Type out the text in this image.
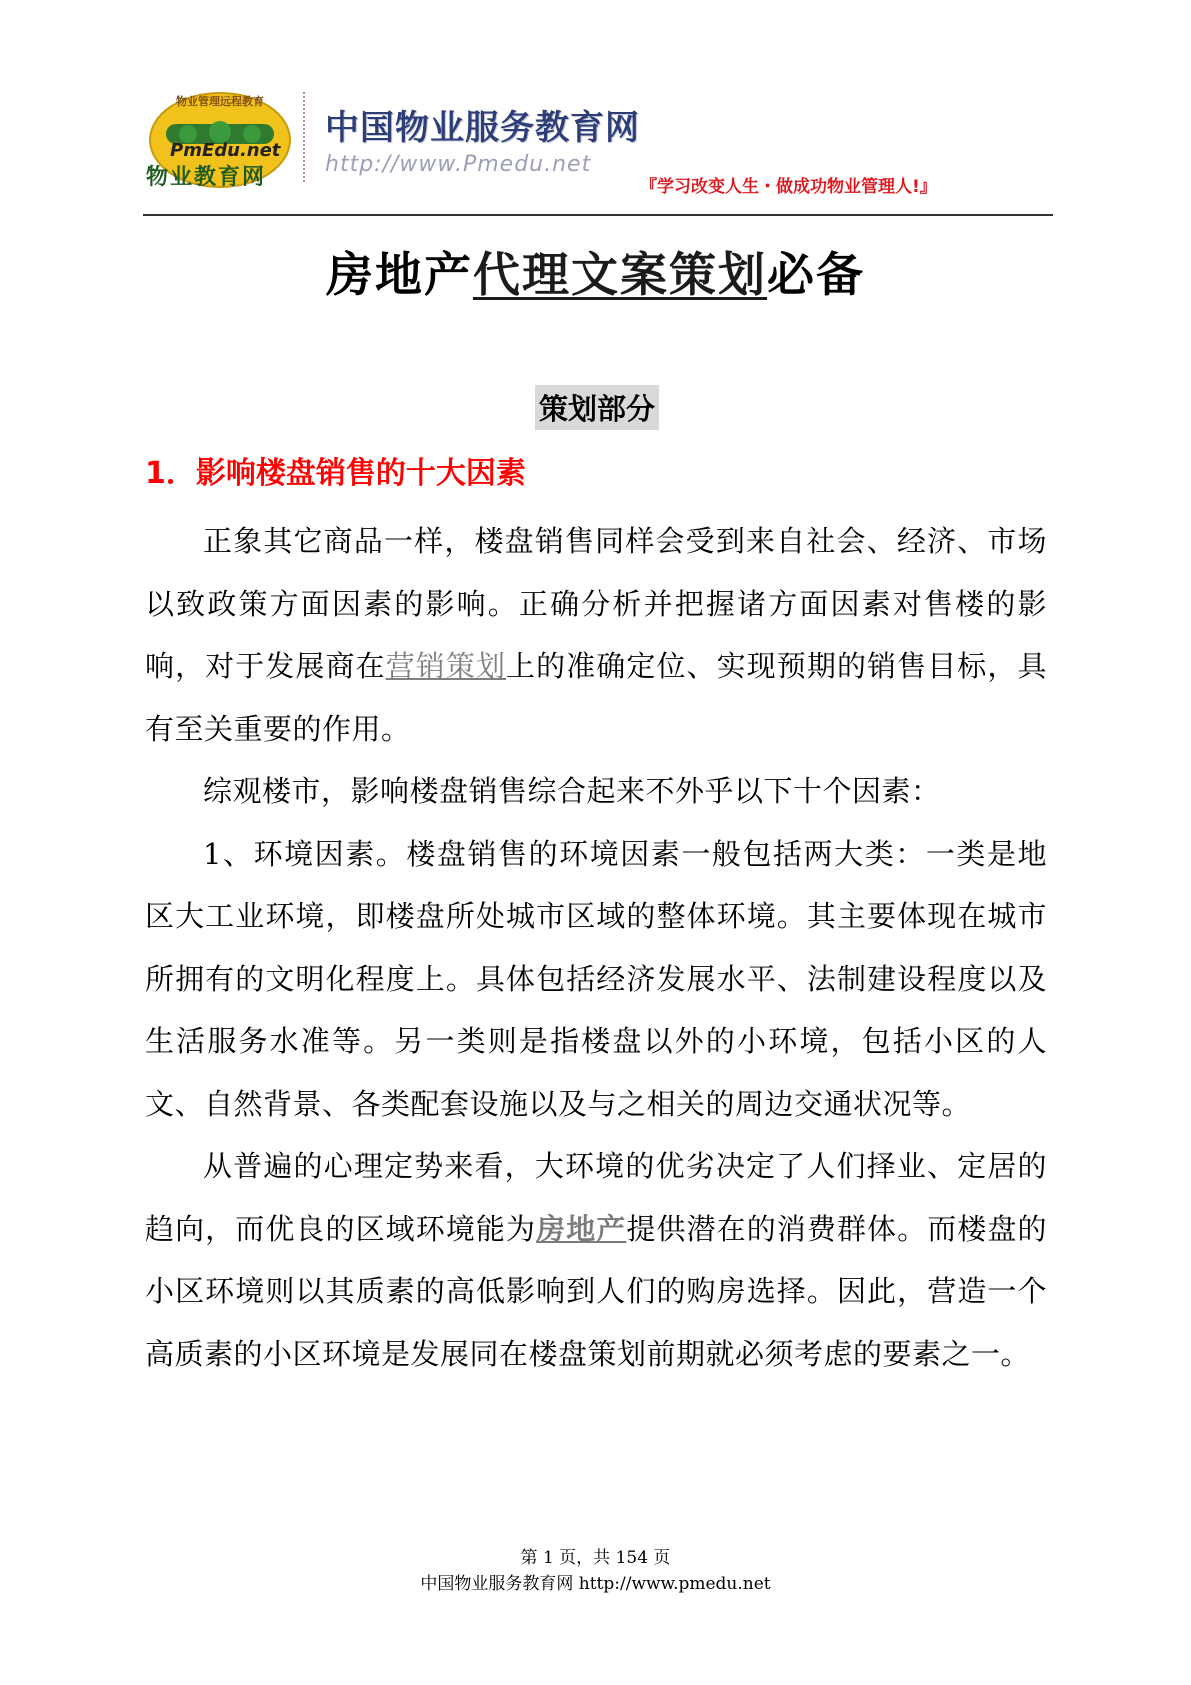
物业管理远程教育
PmEdu.net
物业教育网
中国物业服务教育网
http://www.Pmedu.net
『学习改变人生・做成功物业管理人!』
房地产代理文案策划必备
策划部分
1．影响楼盘销售的十大因素

正象其它商品一样，楼盘销售同样会受到来自社会、经济、市场以致政策方面因素的影响。正确分析并把握诸方面因素对售楼的影响，对于发展商在营销策划上的准确定位、实现预期的销售目标，具有至关重要的作用。

综观楼市，影响楼盘销售综合起来不外乎以下十个因素：

1、环境因素。楼盘销售的环境因素一般包括两大类：一类是地区大工业环境，即楼盘所处城市区域的整体环境。其主要体现在城市所拥有的文明化程度上。具体包括经济发展水平、法制建设程度以及生活服务水准等。另一类则是指楼盘以外的小环境，包括小区的人文、自然背景、各类配套设施以及与之相关的周边交通状况等。

从普遍的心理定势来看，大环境的优劣决定了人们择业、定居的趋向，而优良的区域环境能为房地产提供潜在的消费群体。而楼盘的小区环境则以其质素的高低影响到人们的购房选择。因此，营造一个高质素的小区环境是发展同在楼盘策划前期就必须考虑的要素之一。

第 1 页，共 154 页
中国物业服务教育网 http://www.pmedu.net
